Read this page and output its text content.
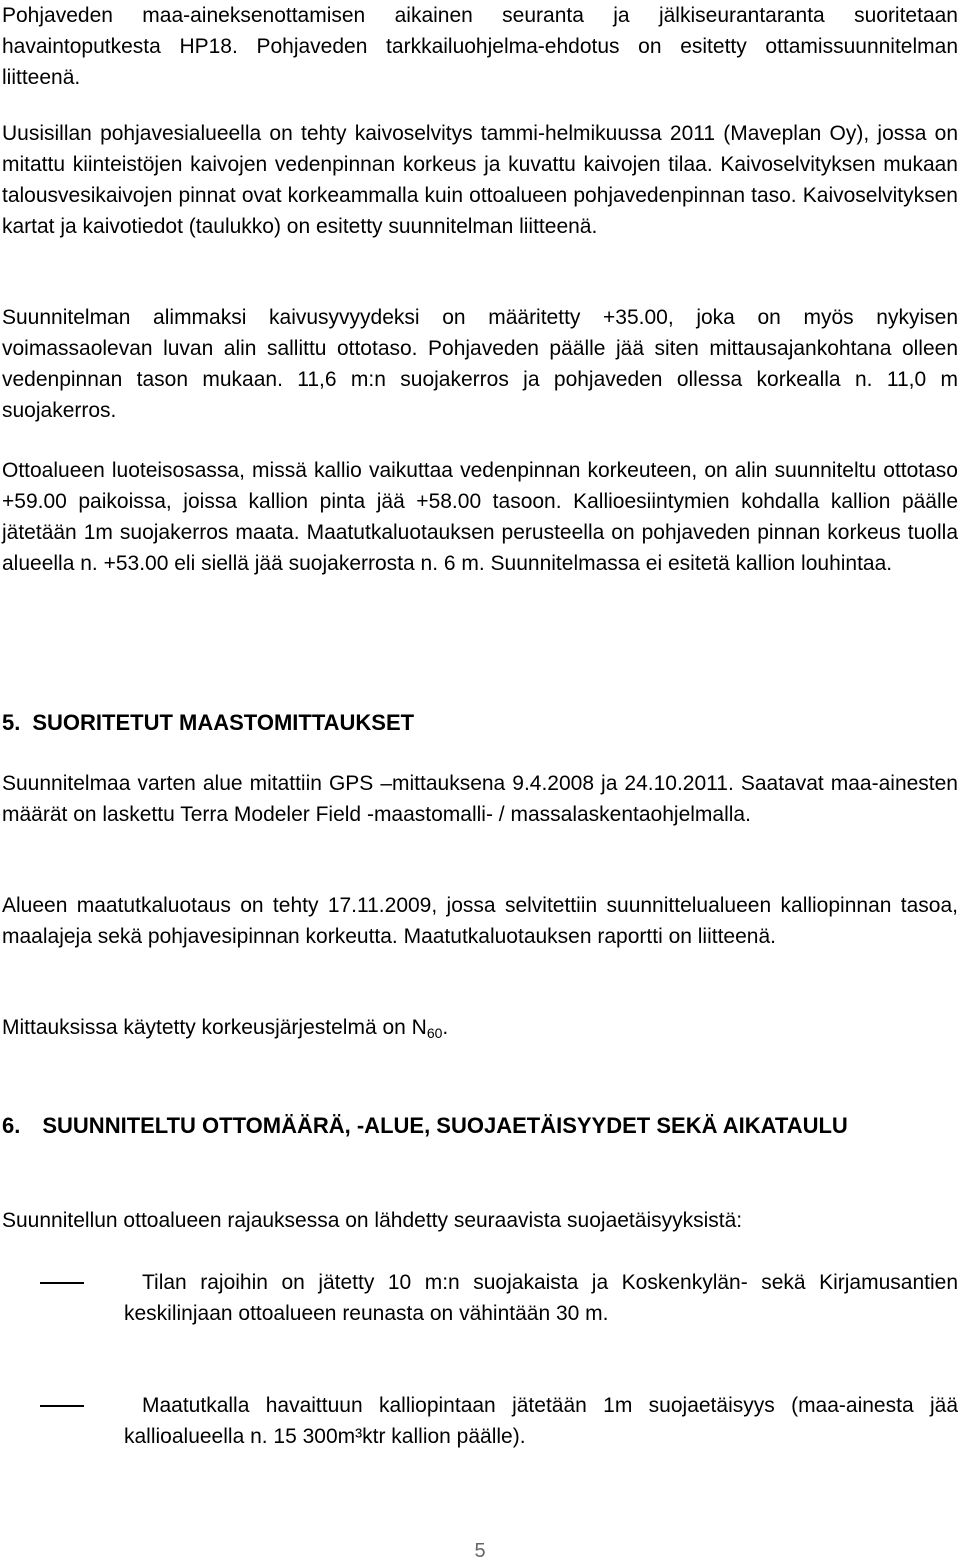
Pohjaveden maa-aineksenottamisen aikainen seuranta ja jälkiseurantaranta suoritetaan havaintoputkesta HP18. Pohjaveden tarkkailuohjelma-ehdotus on esitetty ottamissuunnitelman liitteenä.

Uusisillan pohjavesialueella on tehty kaivoselvitys tammi-helmikuussa 2011 (Maveplan Oy), jossa on mitattu kiinteistöjen kaivojen vedenpinnan korkeus ja kuvattu kaivojen tilaa. Kaivoselvityksen mukaan talousvesikaivojen pinnat ovat korkeammalla kuin ottoalueen pohjavedenpinnan taso. Kaivoselvityksen kartat ja kaivotiedot (taulukko) on esitetty suunnitelman liitteenä.

Suunnitelman alimmaksi kaivusyvyydeksi on määritetty +35.00, joka on myös nykyisen voimassaolevan luvan alin sallittu ottotaso. Pohjaveden päälle jää siten mittausajankohtana olleen vedenpinnan tason mukaan. 11,6 m:n suojakerros ja pohjaveden ollessa korkealla n. 11,0 m suojakerros.

Ottoalueen luoteisosassa, missä kallio vaikuttaa vedenpinnan korkeuteen, on alin suunniteltu ottotaso +59.00 paikoissa, joissa kallion pinta jää +58.00 tasoon. Kallioesiintymien kohdalla kallion päälle jätetään 1m suojakerros maata. Maatutkaluotauksen perusteella on pohjaveden pinnan korkeus tuolla alueella n. +53.00 eli siellä jää suojakerrosta n. 6 m. Suunnitelmassa ei esitetä kallion louhintaa.

5. SUORITETUT MAASTOMITTAUKSET

Suunnitelmaa varten alue mitattiin GPS –mittauksena 9.4.2008 ja 24.10.2011. Saatavat maa-ainesten määrät on laskettu Terra Modeler Field -maastomalli- / massalaskentaohjelmalla.

Alueen maatutkaluotaus on tehty 17.11.2009, jossa selvitettiin suunnittelualueen kalliopinnan tasoa, maalajeja sekä pohjavesipinnan korkeutta. Maatutkaluotauksen raportti on liitteenä.

Mittauksissa käytetty korkeusjärjestelmä on $N_{60}$.

6. SUUNNITELTU OTTOMÄÄRÄ, -ALUE, SUOJAETÄISYYDET SEKÄ AIKATAULU

Suunnitellun ottoalueen rajauksessa on lähdetty seuraavista suojaetäisyyksistä:

Tilan rajoihin on jätetty 10 m:n suojakaista ja Koskenkylän- sekä Kirjamusantien keskilinjaan ottoalueen reunasta on vähintään 30 m.
Maatutkalla havaittuun kalliopintaan jätetään 1m suojaetäisyys (maa-ainesta jää kallioalueella n. 15 300m³ktr kallion päälle).
5
